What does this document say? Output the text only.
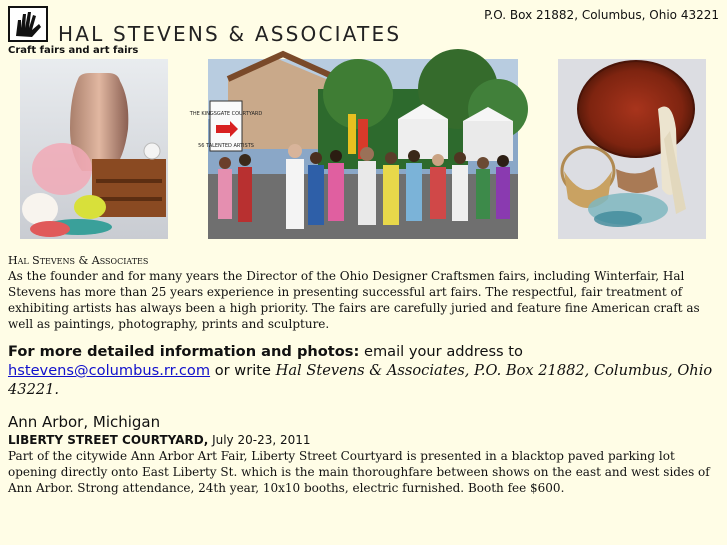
HAL STEVENS & ASSOCIATES
Craft fairs and art fairs
P.O. Box 21882, Columbus, Ohio 43221
THE KINGSGATE COURTYARD
56 TALENTED ARTISTS
Hal Stevens & Associates

As the founder and for many years the Director of the Ohio Designer Craftsmen fairs, including Winterfair, Hal Stevens has more than 25 years experience in presenting successful art fairs. The respectful, fair treatment of exhibiting artists has always been a high priority. The fairs are carefully juried and feature fine American craft as well as paintings, photography, prints and sculpture.

For more detailed information and photos: email your address to
hstevens@columbus.rr.com or write Hal Stevens & Associates, P.O. Box 21882, Columbus, Ohio 43221.
Ann Arbor, Michigan
LIBERTY STREET COURTYARD, July 20-23, 2011
Part of the citywide Ann Arbor Art Fair, Liberty Street Courtyard is presented in a blacktop paved parking lot opening directly onto East Liberty St. which is the main thoroughfare between shows on the east and west sides of Ann Arbor. Strong attendance, 24th year, 10x10 booths, electric furnished. Booth fee $600.
